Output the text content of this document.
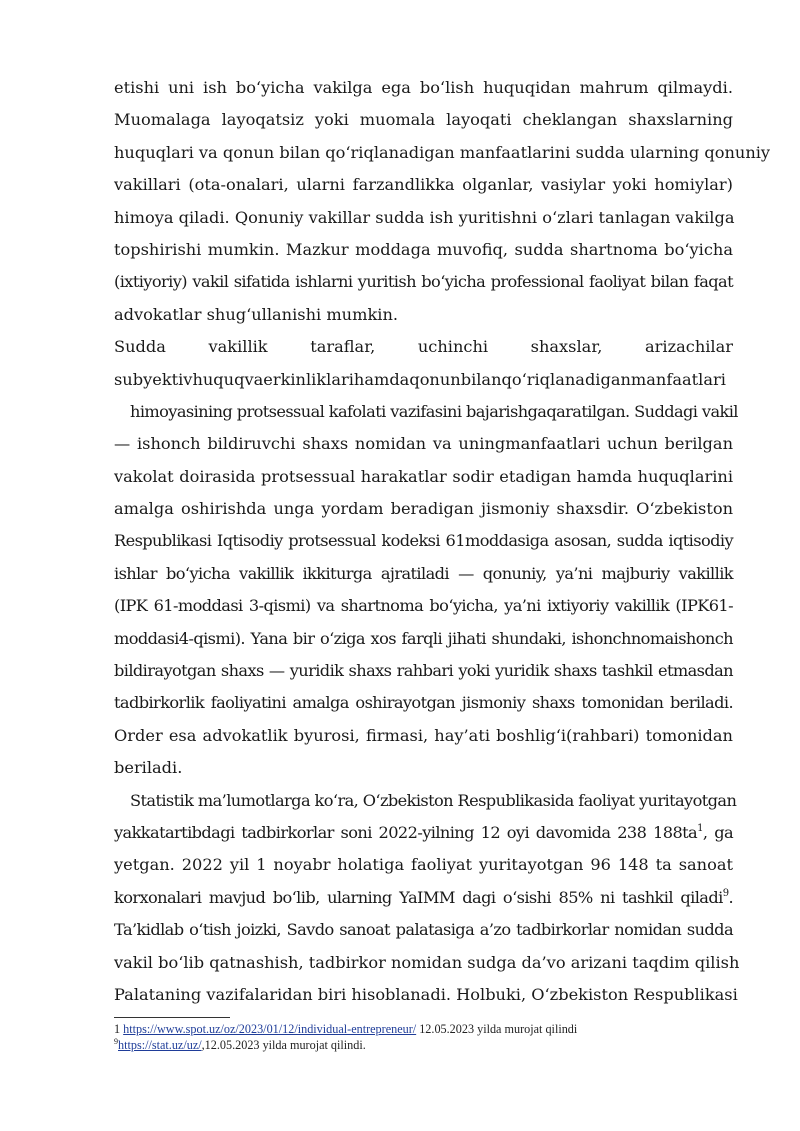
etishi uni ish bo‘yicha vakilga ega bo‘lish huquqidan mahrum qilmaydi.
Muomalaga layoqatsiz yoki muomala layoqati cheklangan shaxslarning
huquqlari va qonun bilan qo‘riqlanadigan manfaatlarini sudda ularning qonuniy
vakillari (ota-onalari, ularni farzandlikka olganlar, vasiylar yoki homiylar)
himoya qiladi. Qonuniy vakillar sudda ish yuritishni o‘zlari tanlagan vakilga
topshirishi mumkin. Mazkur moddaga muvofiq, sudda shartnoma bo‘yicha
(ixtiyoriy) vakil sifatida ishlarni yuritish bo‘yicha professional faoliyat bilan faqat
advokatlar shug‘ullanishi mumkin.
Sudda vakillik taraflar, uchinchi shaxslar, arizachilar
subyektivhuquqvaerkinliklarihamdaqonunbilanqo‘riqlanadiganmanfaatlari
himoyasining protsessual kafolati vazifasini bajarishgaqaratilgan. Suddagi vakil
— ishonch bildiruvchi shaxs nomidan va uningmanfaatlari uchun berilgan
vakolat doirasida protsessual harakatlar sodir etadigan hamda huquqlarini
amalga oshirishda unga yordam beradigan jismoniy shaxsdir. O‘zbekiston
Respublikasi Iqtisodiy protsessual kodeksi 61moddasiga asosan, sudda iqtisodiy
ishlar bo‘yicha vakillik ikkiturga ajratiladi — qonuniy, ya’ni majburiy vakillik
(IPK 61-moddasi 3-qismi) va shartnoma bo‘yicha, ya’ni ixtiyoriy vakillik (IPK61-
moddasi4-qismi). Yana bir o‘ziga xos farqli jihati shundaki, ishonchnomaishonch
bildirayotgan shaxs — yuridik shaxs rahbari yoki yuridik shaxs tashkil etmasdan
tadbirkorlik faoliyatini amalga oshirayotgan jismoniy shaxs tomonidan beriladi.
Order esa advokatlik byurosi, firmasi, hay’ati boshlig‘i(rahbari) tomonidan
beriladi.
Statistik ma’lumotlarga ko‘ra, O‘zbekiston Respublikasida faoliyat yuritayotgan
yakkatartibdagi tadbirkorlar soni 2022-yilning 12 oyi davomida 238 $188ta^1$, ga
yetgan. 2022 yil 1 noyabr holatiga faoliyat yuritayotgan 96 148 ta sanoat
korxonalari mavjud bo‘lib, ularning YaIMM dagi o‘sishi 85% ni tashkil qiladi$^9$.
Ta’kidlab o‘tish joizki, Savdo sanoat palatasiga a’zo tadbirkorlar nomidan sudda
vakil bo‘lib qatnashish, tadbirkor nomidan sudga da’vo arizani taqdim qilish
Palataning vazifalaridan biri hisoblanadi. Holbuki, O‘zbekiston Respublikasi
1 https://www.spot.uz/oz/2023/01/12/individual-entrepreneur/ 12.05.2023 yilda murojat qilindi
$^9$https://stat.uz/uz/,12.05.2023 yilda murojat qilindi.
